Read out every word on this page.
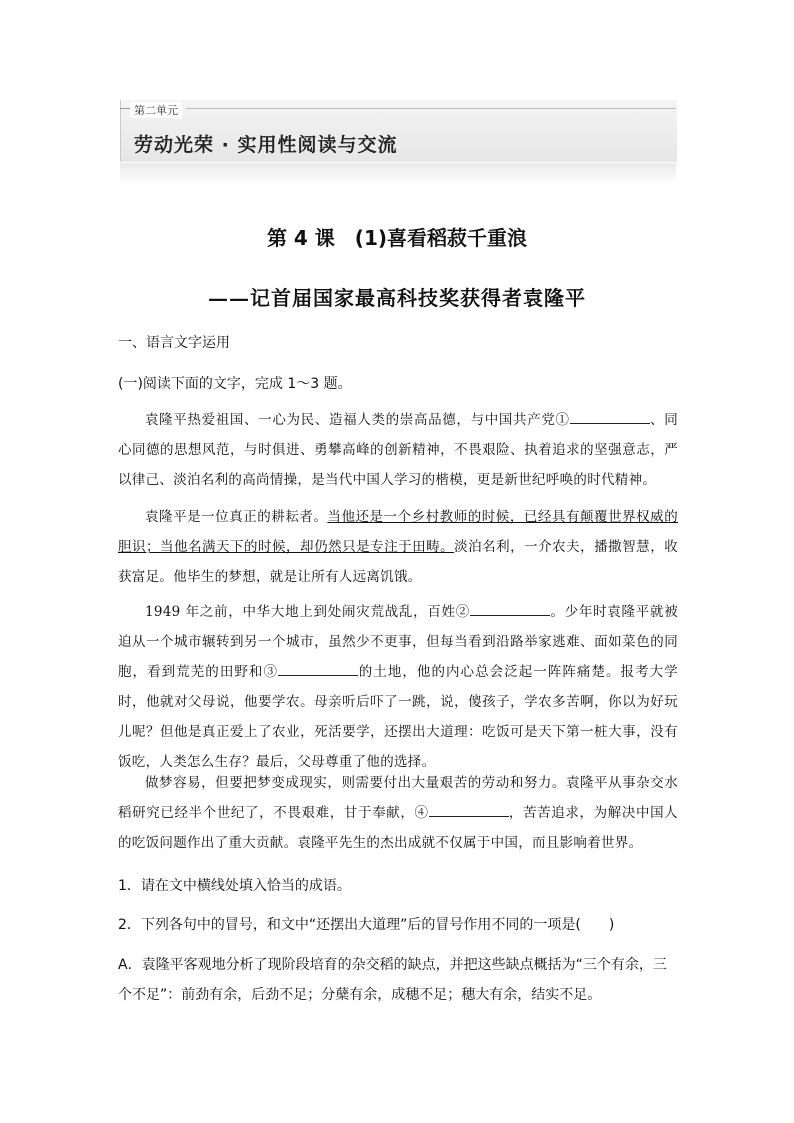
第二单元
劳动光荣 · 实用性阅读与交流
第 4 课　(1)喜看稻菽千重浪
——记首届国家最高科技奖获得者袁隆平
一、语言文字运用
(一)阅读下面的文字，完成 1～3 题。
袁隆平热爱祖国、一心为民、造福人类的崇高品德，与中国共产党①	、同心同德的思想风范，与时俱进、勇攀高峰的创新精神，不畏艰险、执着追求的坚强意志，严以律己、淡泊名利的高尚情操，是当代中国人学习的楷模，更是新世纪呼唤的时代精神。
袁隆平是一位真正的耕耘者。当他还是一个乡村教师的时候，已经具有颠覆世界权威的胆识；当他名满天下的时候，却仍然只是专注于田畴。淡泊名利，一介农夫，播撒智慧，收获富足。他毕生的梦想，就是让所有人远离饥饿。
1949 年之前，中华大地上到处闹灾荒战乱，百姓②	。少年时袁隆平就被迫从一个城市辗转到另一个城市，虽然少不更事，但每当看到沿路举家逃难、面如菜色的同胞，看到荒芜的田野和③	的土地，他的内心总会泛起一阵阵痛楚。报考大学时，他就对父母说，他要学农。母亲听后吓了一跳，说，傻孩子，学农多苦啊，你以为好玩儿呢？但他是真正爱上了农业，死活要学，还摆出大道理：吃饭可是天下第一桩大事，没有饭吃，人类怎么生存？最后，父母尊重了他的选择。
做梦容易，但要把梦变成现实，则需要付出大量艰苦的劳动和努力。袁隆平从事杂交水稻研究已经半个世纪了，不畏艰难，甘于奉献，④	，苦苦追求，为解决中国人的吃饭问题作出了重大贡献。袁隆平先生的杰出成就不仅属于中国，而且影响着世界。
1．请在文中横线处填入恰当的成语。
2．下列各句中的冒号，和文中“还摆出大道理”后的冒号作用不同的一项是(　　)
A．袁隆平客观地分析了现阶段培育的杂交稻的缺点，并把这些缺点概括为“三个有余，三个不足”：前劲有余，后劲不足；分蘖有余，成穗不足；穗大有余，结实不足。
